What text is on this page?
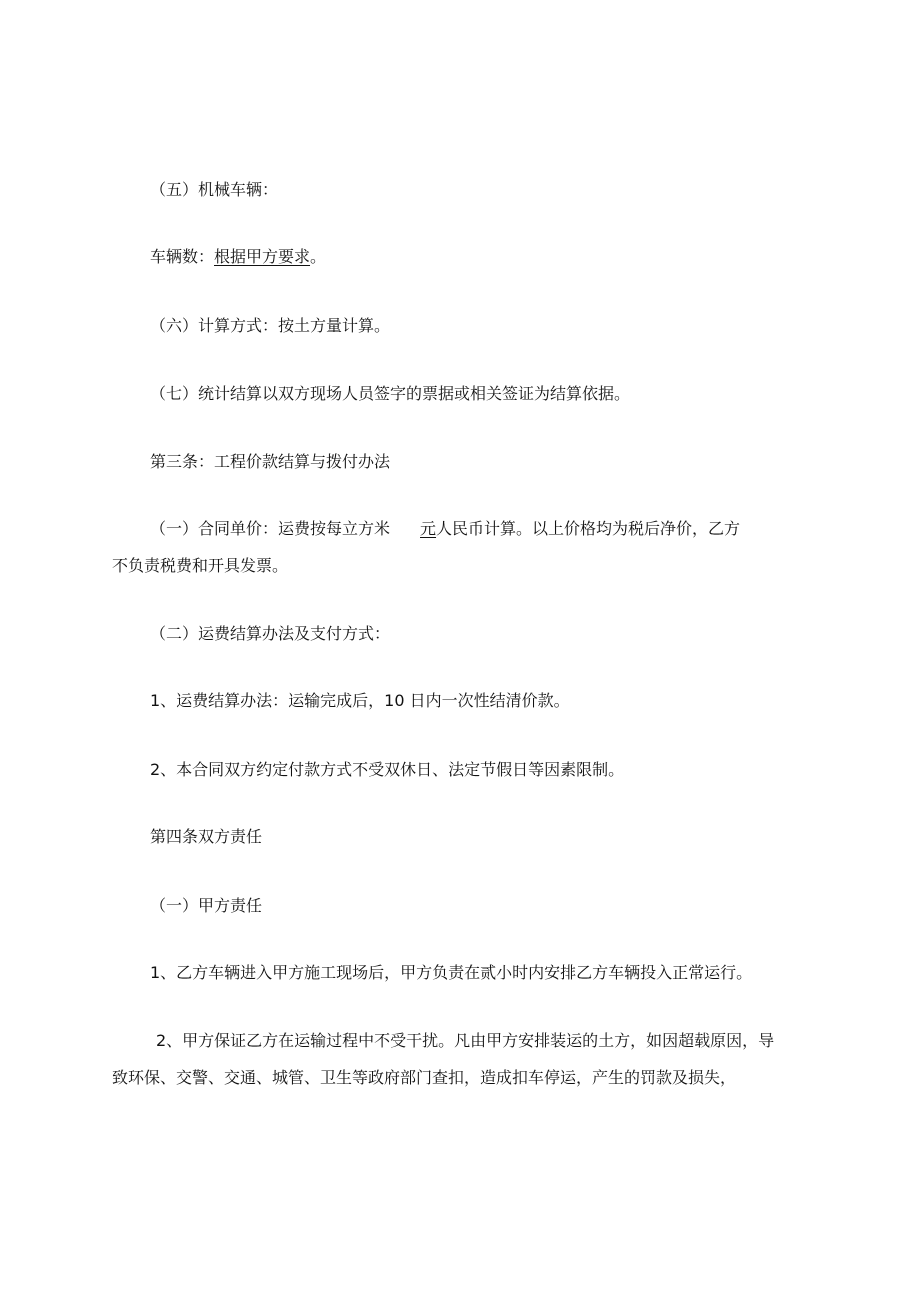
（五）机械车辆：
车辆数：根据甲方要求。
（六）计算方式：按土方量计算。
（七）统计结算以双方现场人员签字的票据或相关签证为结算依据。
第三条：工程价款结算与拨付办法
（一）合同单价：运费按每立方米 元人民币计算。以上价格均为税后净价，乙方
不负责税费和开具发票。
（二）运费结算办法及支付方式：
1、运费结算办法：运输完成后，10 日内一次性结清价款。
2、本合同双方约定付款方式不受双休日、法定节假日等因素限制。
第四条双方责任
（一）甲方责任
1、乙方车辆进入甲方施工现场后，甲方负责在贰小时内安排乙方车辆投入正常运行。
2、甲方保证乙方在运输过程中不受干扰。凡由甲方安排装运的土方，如因超载原因，导
致环保、交警、交通、城管、卫生等政府部门查扣，造成扣车停运，产生的罚款及损失，
